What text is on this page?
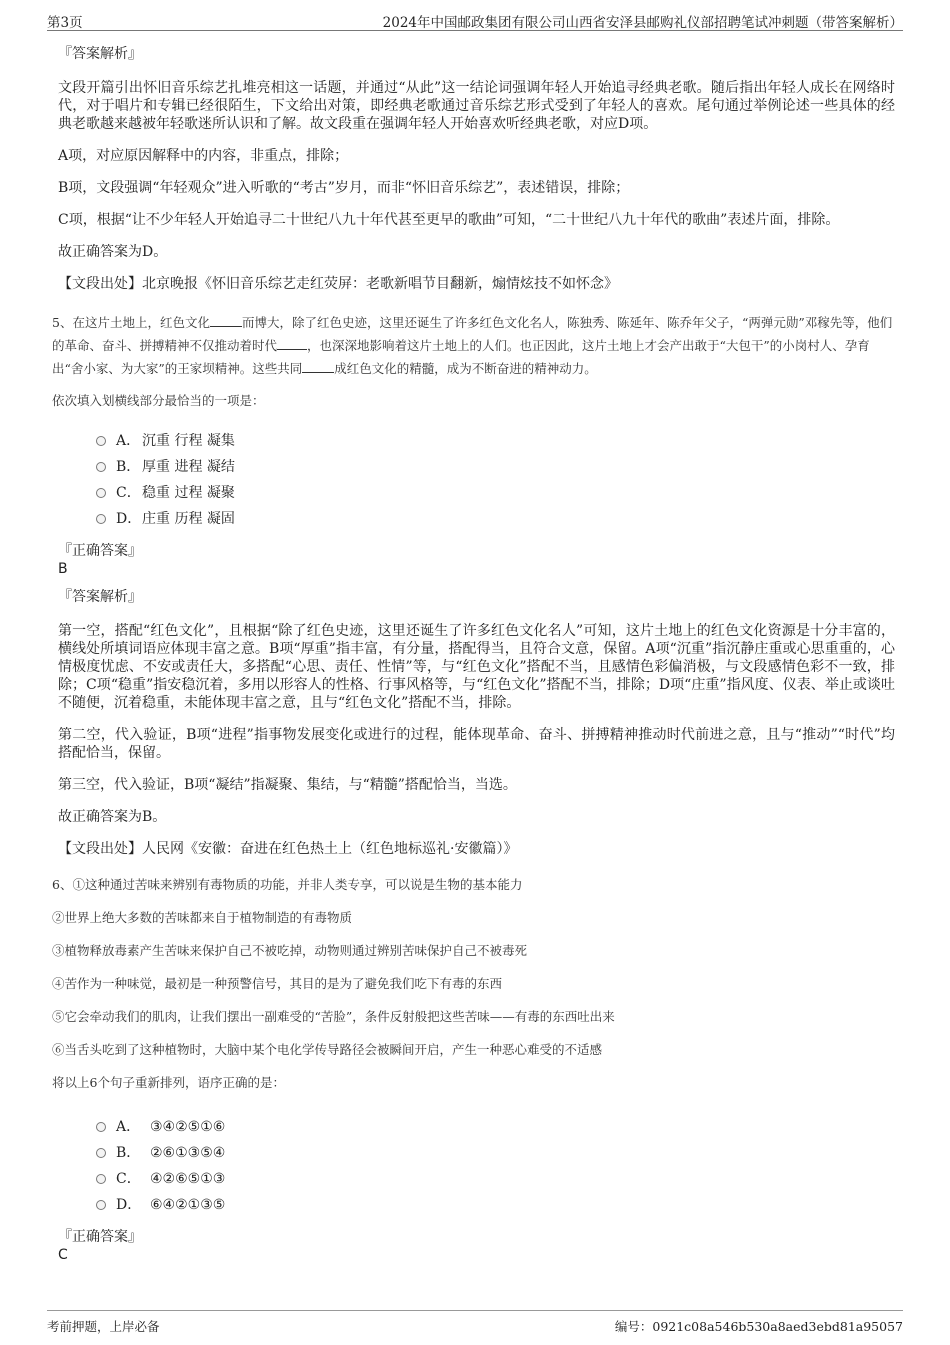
第3页	2024年中国邮政集团有限公司山西省安泽县邮购礼仪部招聘笔试冲刺题（带答案解析）

『答案解析』

文段开篇引出怀旧音乐综艺扎堆亮相这一话题，并通过“从此”这一结论词强调年轻人开始追寻经典老歌。随后指出年轻人成长在网络时代，对于唱片和专辑已经很陌生，下文给出对策，即经典老歌通过音乐综艺形式受到了年轻人的喜欢。尾句通过举例论述一些具体的经典老歌越来越被年轻歌迷所认识和了解。故文段重在强调年轻人开始喜欢听经典老歌，对应D项。

A项，对应原因解释中的内容，非重点，排除；

B项，文段强调“年轻观众”进入听歌的“考古”岁月，而非“怀旧音乐综艺”，表述错误，排除；

C项，根据“让不少年轻人开始追寻二十世纪八九十年代甚至更早的歌曲”可知，“二十世纪八九十年代的歌曲”表述片面，排除。

故正确答案为D。

【文段出处】北京晚报《怀旧音乐综艺走红荧屏：老歌新唱节目翻新，煽情炫技不如怀念》

5、在这片土地上，红色文化	而博大，除了红色史迹，这里还诞生了许多红色文化名人，陈独秀、陈延年、陈乔年父子，“两弹元勋”邓稼先等，他们的革命、奋斗、拼搏精神不仅推动着时代 ，也深深地影响着这片土地上的人们。也正因此，这片土地上才会产出敢于“大包干”的小岗村人、孕育出“舍小家、为大家”的王家坝精神。这些共同	成红色文化的精髓，成为不断奋进的精神动力。

依次填入划横线部分最恰当的一项是：

A． 沉重 行程 凝集
B． 厚重 进程 凝结
C． 稳重 过程 凝聚
D． 庄重 历程 凝固

『正确答案』

B

『答案解析』

第一空，搭配“红色文化”，且根据“除了红色史迹，这里还诞生了许多红色文化名人”可知，这片土地上的红色文化资源是十分丰富的，横线处所填词语应体现丰富之意。B项“厚重”指丰富，有分量，搭配得当，且符合文意，保留。A项“沉重”指沉静庄重或心思重重的，心情极度忧虑、不安或责任大，多搭配“心思、责任、性情”等，与“红色文化”搭配不当，且感情色彩偏消极，与文段感情色彩不一致，排除；C项“稳重”指安稳沉着，多用以形容人的性格、行事风格等，与“红色文化”搭配不当，排除；D项“庄重”指风度、仪表、举止或谈吐不随便，沉着稳重，未能体现丰富之意，且与“红色文化”搭配不当，排除。

第二空，代入验证，B项“进程”指事物发展变化或进行的过程，能体现革命、奋斗、拼搏精神推动时代前进之意，且与“推动”“时代”均搭配恰当，保留。

第三空，代入验证，B项“凝结”指凝聚、集结，与“精髓”搭配恰当，当选。

故正确答案为B。

【文段出处】人民网《安徽：奋进在红色热土上（红色地标巡礼·安徽篇）》

6、①这种通过苦味来辨别有毒物质的功能，并非人类专享，可以说是生物的基本能力

②世界上绝大多数的苦味都来自于植物制造的有毒物质

③植物释放毒素产生苦味来保护自己不被吃掉，动物则通过辨别苦味保护自己不被毒死

④苦作为一种味觉，最初是一种预警信号，其目的是为了避免我们吃下有毒的东西

⑤它会牵动我们的肌肉，让我们摆出一副难受的“苦脸”，条件反射般把这些苦味——有毒的东西吐出来

⑥当舌头吃到了这种植物时，大脑中某个电化学传导路径会被瞬间开启，产生一种恶心难受的不适感

将以上6个句子重新排列，语序正确的是：

A． ③④②⑤①⑥
B． ②⑥①③⑤④
C． ④②⑥⑤①③
D． ⑥④②①③⑤

『正确答案』

C

考前押题，上岸必备	编号：0921c08a546b530a8aed3ebd81a95057
